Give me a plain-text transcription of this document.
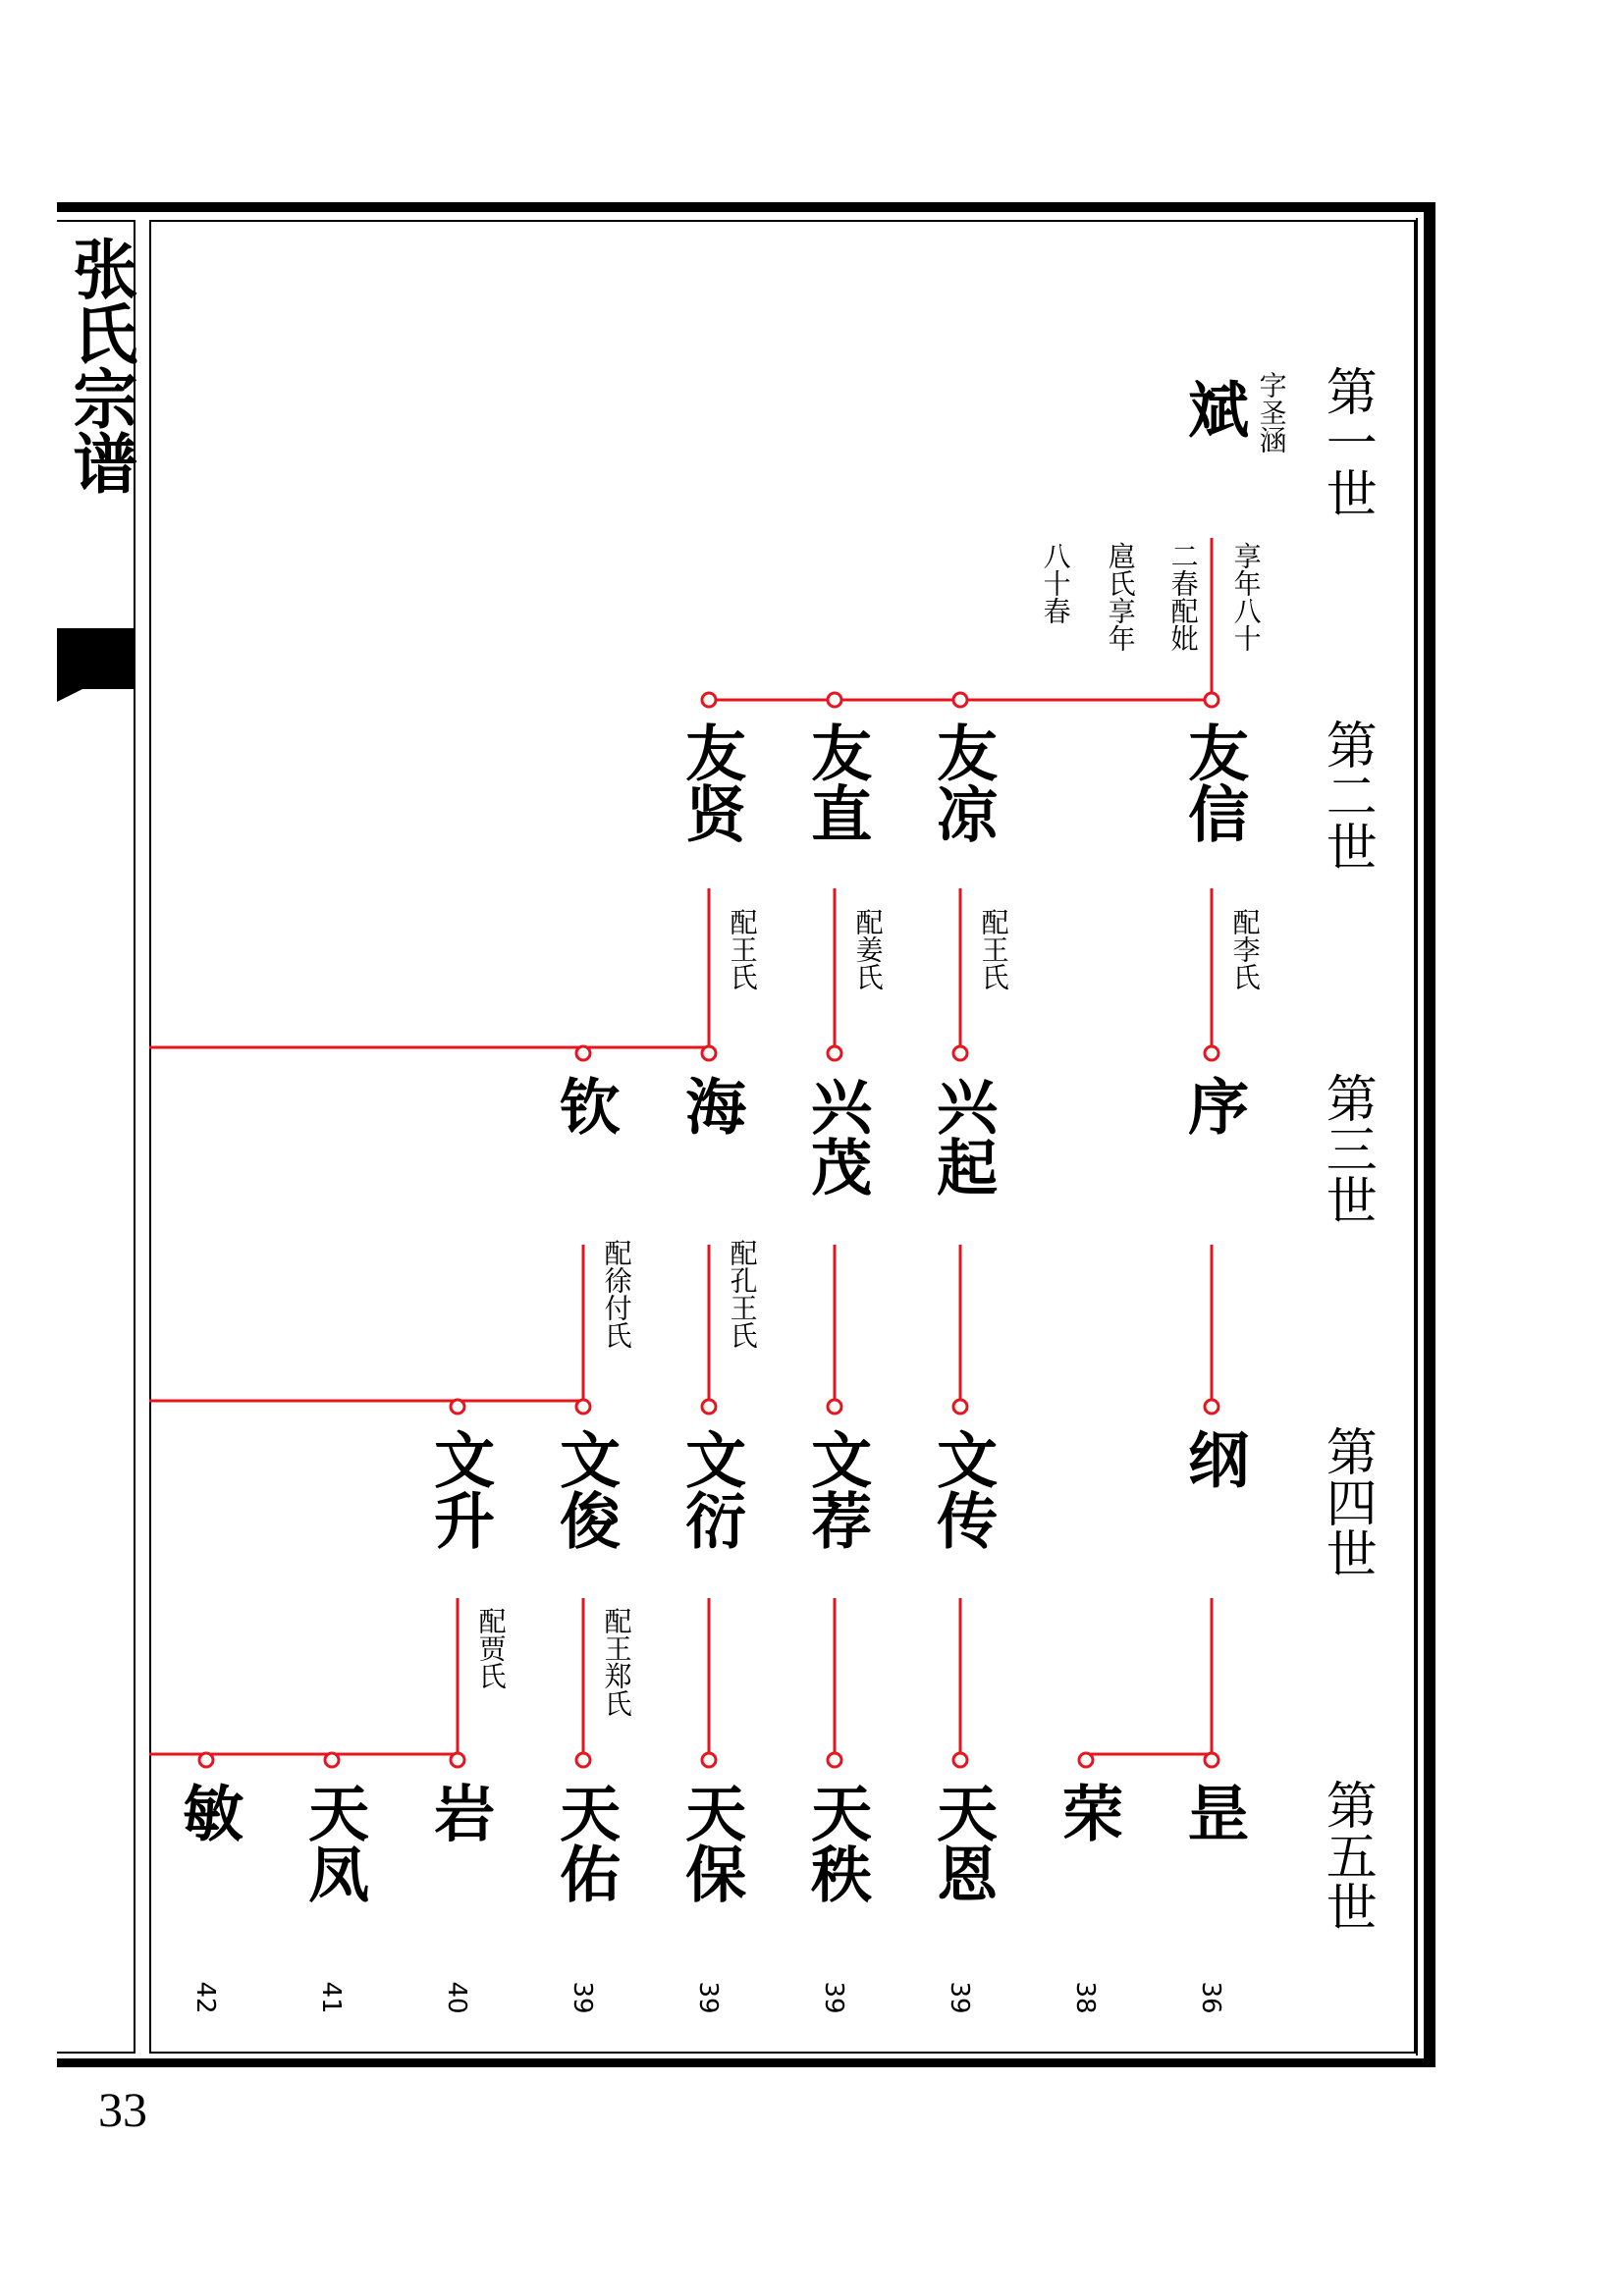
张氏宗谱	第一世
第二世
第三世
第四世
第五世
斌 字圣涵
享年八十
二春配妣
扈氏享年
八十春
友信
友凉
友直
友贤
配李氏
配王氏
配姜氏
配王氏
序
兴起
兴茂
海
钦
配孔王氏
配徐付氏
纲
文传
文荐
文衍
文俊
文升
配王郑氏
配贾氏
昰
荣
天恩
天秩
天保
天佑
岩
天凤
敏
36
38
39
39
39
39
40
41
42
33
